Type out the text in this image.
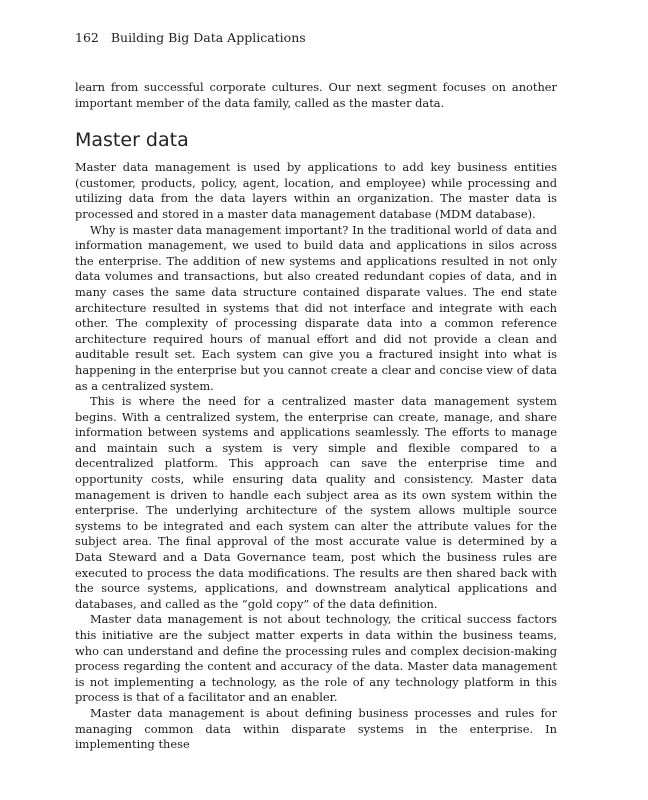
162 Building Big Data Applications

learn from successful corporate cultures. Our next segment focuses on another important member of the data family, called as the master data.

Master data

Master data management is used by applications to add key business entities (customer, products, policy, agent, location, and employee) while processing and utilizing data from the data layers within an organization. The master data is processed and stored in a master data management database (MDM database).

Why is master data management important? In the traditional world of data and information management, we used to build data and applications in silos across the enterprise. The addition of new systems and applications resulted in not only data volumes and transactions, but also created redundant copies of data, and in many cases the same data structure contained disparate values. The end state architecture resulted in systems that did not interface and integrate with each other. The complexity of processing disparate data into a common reference architecture required hours of manual effort and did not provide a clean and auditable result set. Each system can give you a fractured insight into what is happening in the enterprise but you cannot create a clear and concise view of data as a centralized system.

This is where the need for a centralized master data management system begins. With a centralized system, the enterprise can create, manage, and share information between systems and applications seamlessly. The efforts to manage and maintain such a system is very simple and flexible compared to a decentralized platform. This approach can save the enterprise time and opportunity costs, while ensuring data quality and consistency. Master data management is driven to handle each subject area as its own system within the enterprise. The underlying architecture of the system allows multiple source systems to be integrated and each system can alter the attribute values for the subject area. The final approval of the most accurate value is determined by a Data Steward and a Data Governance team, post which the business rules are executed to process the data modifications. The results are then shared back with the source systems, applications, and downstream analytical applications and databases, and called as the “gold copy” of the data definition.

Master data management is not about technology, the critical success factors this initiative are the subject matter experts in data within the business teams, who can understand and define the processing rules and complex decision-making process regarding the content and accuracy of the data. Master data management is not implementing a technology, as the role of any technology platform in this process is that of a facilitator and an enabler.

Master data management is about defining business processes and rules for managing common data within disparate systems in the enterprise. In implementing these
